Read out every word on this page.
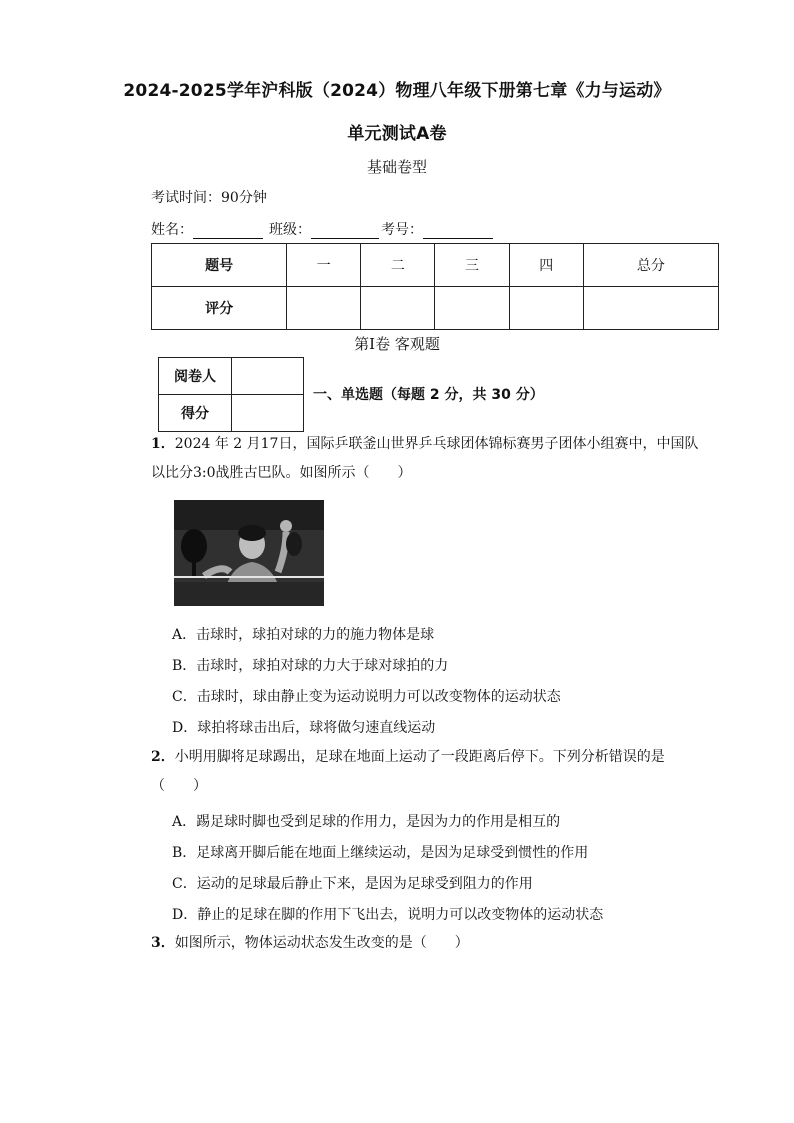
2024-2025学年沪科版（2024）物理八年级下册第七章《力与运动》
单元测试A卷
基础卷型
考试时间：90分钟
姓名：	班级：	考号：
题号	一	二	三	四	总分
评分					
第Ⅰ卷 客观题
阅卷人	
得分	
一、单选题（每题 2 分，共 30 分）
1．2024 年 2 月17日，国际乒联釜山世界乒乓球团体锦标赛男子团体小组赛中，中国队
以比分3:0战胜古巴队。如图所示（　　）
A．击球时，球拍对球的力的施力物体是球
B．击球时，球拍对球的力大于球对球拍的力
C．击球时，球由静止变为运动说明力可以改变物体的运动状态
D．球拍将球击出后，球将做匀速直线运动
2．小明用脚将足球踢出，足球在地面上运动了一段距离后停下。下列分析错误的是
（　　）
A．踢足球时脚也受到足球的作用力，是因为力的作用是相互的
B．足球离开脚后能在地面上继续运动，是因为足球受到惯性的作用
C．运动的足球最后静止下来，是因为足球受到阻力的作用
D．静止的足球在脚的作用下飞出去，说明力可以改变物体的运动状态
3．如图所示，物体运动状态发生改变的是（　　）
